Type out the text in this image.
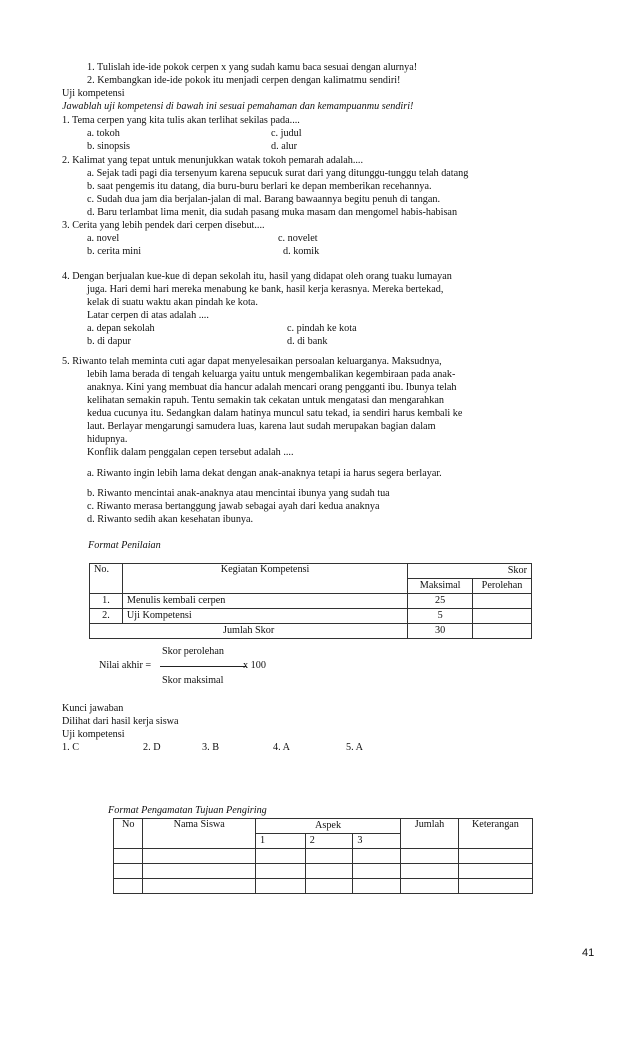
1. Tulislah ide-ide pokok cerpen x yang sudah kamu baca sesuai dengan alurnya!
2. Kembangkan ide-ide pokok itu menjadi cerpen dengan kalimatmu sendiri!
Uji kompetensi
Jawablah uji kompetensi di bawah ini sesuai pemahaman dan kemampuanmu sendiri!
1. Tema cerpen yang kita tulis akan terlihat sekilas pada....
a. tokoh	c. judul
b. sinopsis	d. alur
2. Kalimat yang tepat untuk menunjukkan watak tokoh pemarah adalah....
a. Sejak tadi pagi dia tersenyum karena sepucuk surat dari yang ditunggu-tunggu telah datang
b. saat pengemis itu datang, dia buru-buru berlari ke depan memberikan recehannya.
c. Sudah dua jam dia berjalan-jalan di mal. Barang bawaannya begitu penuh di tangan.
d. Baru terlambat lima menit, dia sudah pasang muka masam dan mengomel habis-habisan
3. Cerita yang lebih pendek dari cerpen disebut....
a. novel	c. novelet
b. cerita mini	d. komik
4. Dengan berjualan kue-kue di depan sekolah itu, hasil yang didapat oleh orang tuaku lumayan
juga. Hari demi hari mereka menabung ke bank, hasil kerja kerasnya. Mereka bertekad,
kelak di suatu waktu akan pindah ke kota.
Latar cerpen di atas adalah ....
a. depan sekolah	c. pindah ke kota
b. di dapur	d. di bank
5. Riwanto telah meminta cuti agar dapat menyelesaikan persoalan keluarganya. Maksudnya,
lebih lama berada di tengah keluarga yaitu untuk mengembalikan kegembiraan pada anak-
anaknya. Kini yang membuat dia hancur adalah mencari orang pengganti ibu. Ibunya telah
kelihatan semakin rapuh. Tentu semakin tak cekatan untuk mengatasi dan mengarahkan
kedua cucunya itu. Sedangkan dalam hatinya muncul satu tekad, ia sendiri harus kembali ke
laut. Berlayar mengarungi samudera luas, karena laut sudah merupakan bagian dalam
hidupnya.
Konflik dalam penggalan cepen tersebut adalah ....
a. Riwanto ingin lebih lama dekat dengan anak-anaknya tetapi ia harus segera berlayar.
b. Riwanto mencintai anak-anaknya atau mencintai ibunya yang sudah tua
c. Riwanto merasa bertanggung jawab sebagai ayah dari kedua anaknya
d. Riwanto sedih akan kesehatan ibunya.
Format Penilaian
No.	Kegiatan Kompetensi	Skor	
		Maksimal	Perolehan
1.	Menulis kembali cerpen	25	
2.	Uji Kompetensi	5	
Jumlah Skor		30	
Skor perolehan
Nilai akhir =	x 100
Skor maksimal
Kunci jawaban
Dilihat dari hasil kerja siswa
Uji kompetensi
1. C	2. D	3. B	4. A	5. A
Format Pengamatan Tujuan Pengiring
No	Nama Siswa	Aspek			Jumlah	Keterangan
		1	2	3		

41
